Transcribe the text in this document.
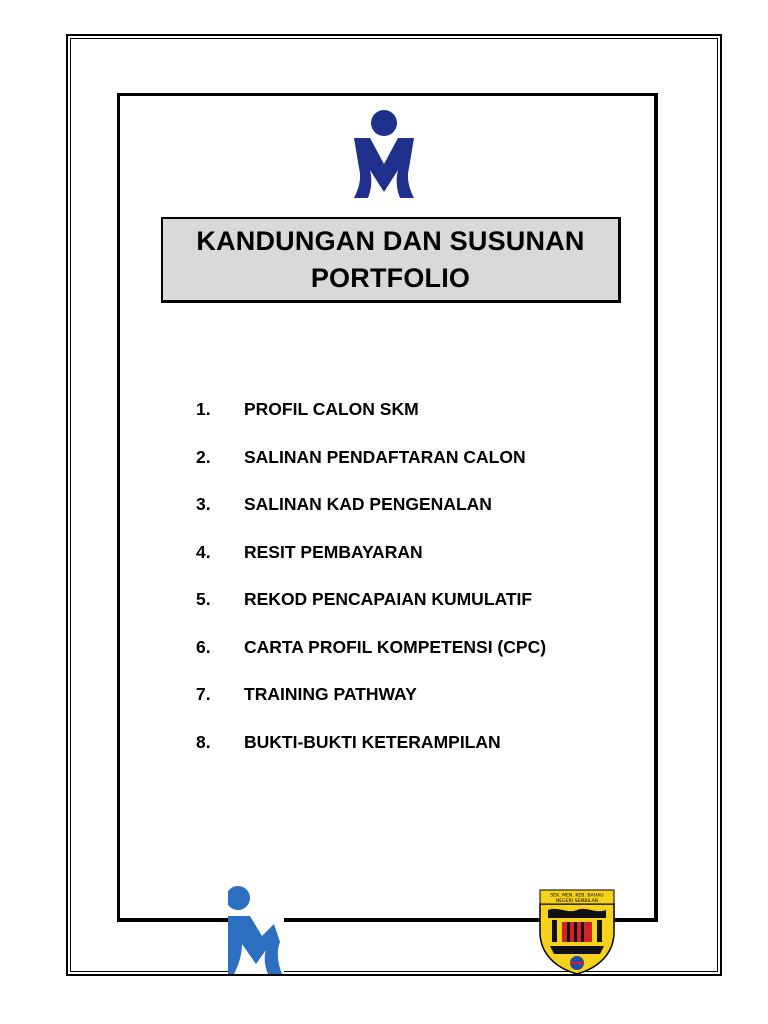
KANDUNGAN DAN SUSUNAN
PORTFOLIO
1.	PROFIL CALON SKM
2.	SALINAN PENDAFTARAN CALON
3.	SALINAN KAD PENGENALAN
4.	RESIT PEMBAYARAN
5.	REKOD PENCAPAIAN KUMULATIF
6.	CARTA PROFIL KOMPETENSI (CPC)
7.	TRAINING PATHWAY
8.	BUKTI-BUKTI KETERAMPILAN
SEK. MEN. KEB. BAHAU
NEGERI SEMBILAN
